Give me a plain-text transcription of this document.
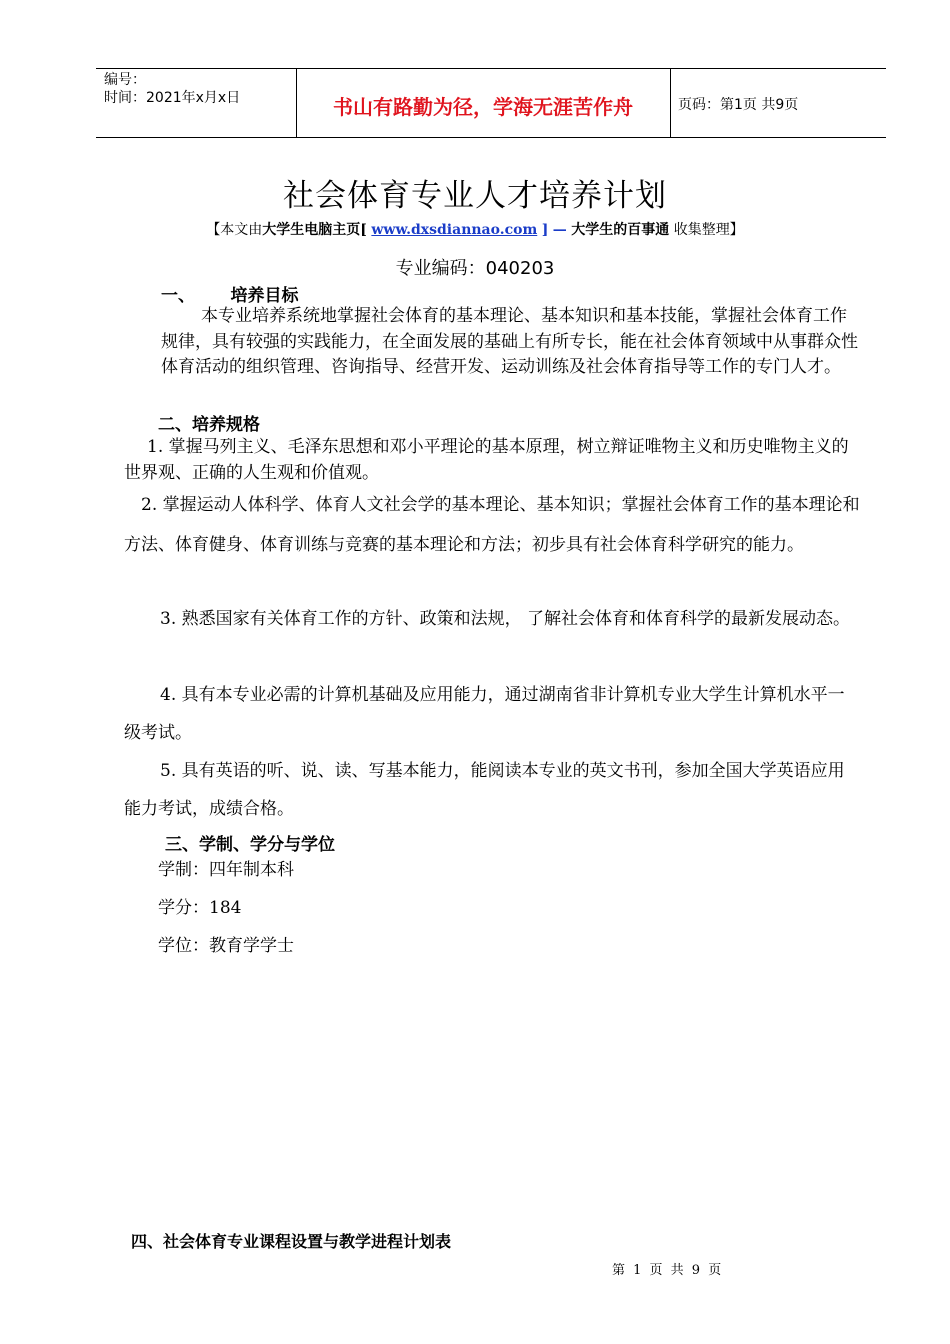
编号：
时间：2021年x月x日	书山有路勤为径，学海无涯苦作舟	页码：第1页 共9页
社会体育专业人才培养计划
【本文由大学生电脑主页[ www.dxsdiannao.com ] — 大学生的百事通 收集整理】
专业编码：040203
一、      培养目标

本专业培养系统地掌握社会体育的基本理论、基本知识和基本技能，掌握社会体育工作规律，具有较强的实践能力，在全面发展的基础上有所专长，能在社会体育领域中从事群众性体育活动的组织管理、咨询指导、经营开发、运动训练及社会体育指导等工作的专门人才。

二、培养规格

1. 掌握马列主义、毛泽东思想和邓小平理论的基本原理，树立辩证唯物主义和历史唯物主义的世界观、正确的人生观和价值观。

2. 掌握运动人体科学、体育人文社会学的基本理论、基本知识；掌握社会体育工作的基本理论和方法、体育健身、体育训练与竞赛的基本理论和方法；初步具有社会体育科学研究的能力。

3. 熟悉国家有关体育工作的方针、政策和法规， 了解社会体育和体育科学的最新发展动态。

4. 具有本专业必需的计算机基础及应用能力，通过湖南省非计算机专业大学生计算机水平一级考试。

5. 具有英语的听、说、读、写基本能力，能阅读本专业的英文书刊，参加全国大学英语应用能力考试，成绩合格。

三、学制、学分与学位
学制：四年制本科
学分：184
学位：教育学学士
四、社会体育专业课程设置与教学进程计划表
第 1 页 共 9 页
